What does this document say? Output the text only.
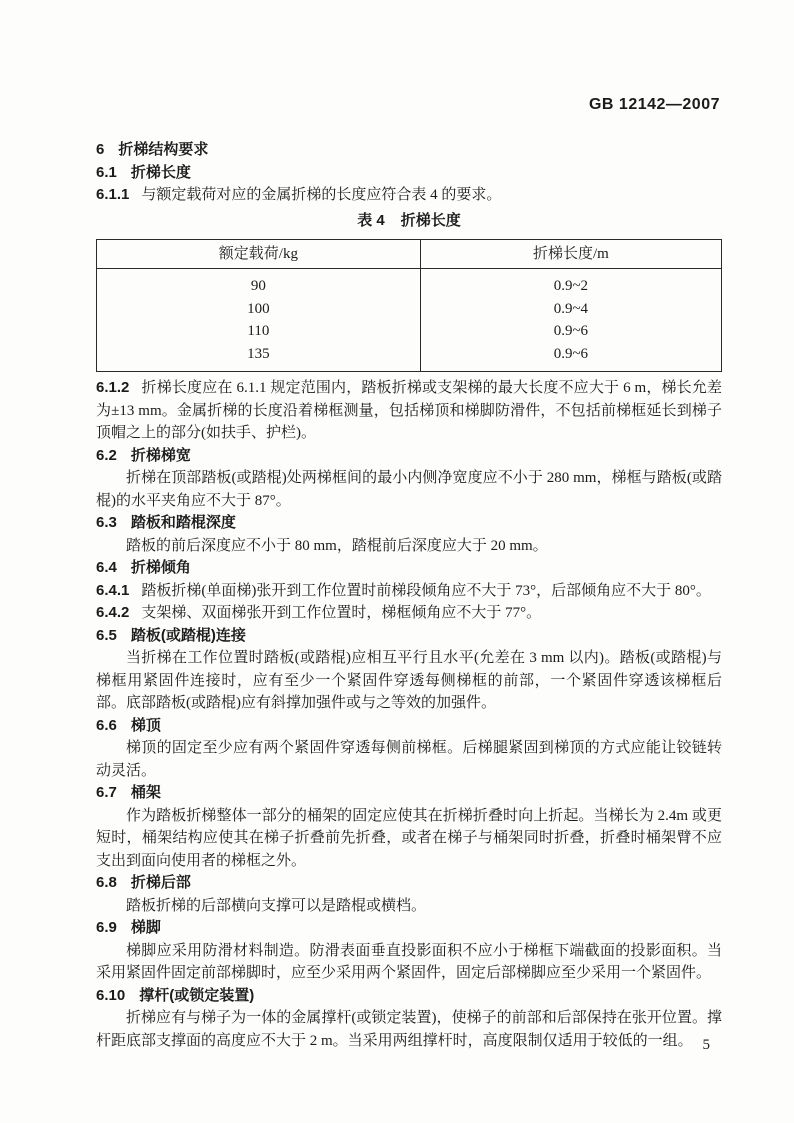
GB 12142—2007

6 折梯结构要求

6.1 折梯长度

6.1.1 与额定载荷对应的金属折梯的长度应符合表 4 的要求。

表 4 折梯长度

额定载荷/kg	折梯长度/m
90	0.9~2
100	0.9~4
110	0.9~6
135	0.9~6

6.1.2 折梯长度应在 6.1.1 规定范围内，踏板折梯或支架梯的最大长度不应大于 6 m，梯长允差为±13 mm。金属折梯的长度沿着梯框测量，包括梯顶和梯脚防滑件，不包括前梯框延长到梯子顶帽之上的部分(如扶手、护栏)。

6.2 折梯梯宽

折梯在顶部踏板(或踏棍)处两梯框间的最小内侧净宽度应不小于 280 mm，梯框与踏板(或踏棍)的水平夹角应不大于 87°。

6.3 踏板和踏棍深度

踏板的前后深度应不小于 80 mm，踏棍前后深度应大于 20 mm。

6.4 折梯倾角

6.4.1 踏板折梯(单面梯)张开到工作位置时前梯段倾角应不大于 73°，后部倾角应不大于 80°。

6.4.2 支架梯、双面梯张开到工作位置时，梯框倾角应不大于 77°。

6.5 踏板(或踏棍)连接

当折梯在工作位置时踏板(或踏棍)应相互平行且水平(允差在 3 mm 以内)。踏板(或踏棍)与梯框用紧固件连接时，应有至少一个紧固件穿透每侧梯框的前部，一个紧固件穿透该梯框后部。底部踏板(或踏棍)应有斜撑加强件或与之等效的加强件。

6.6 梯顶

梯顶的固定至少应有两个紧固件穿透每侧前梯框。后梯腿紧固到梯顶的方式应能让铰链转动灵活。

6.7 桶架

作为踏板折梯整体一部分的桶架的固定应使其在折梯折叠时向上折起。当梯长为 2.4m 或更短时，桶架结构应使其在梯子折叠前先折叠，或者在梯子与桶架同时折叠，折叠时桶架臂不应支出到面向使用者的梯框之外。

6.8 折梯后部

踏板折梯的后部横向支撑可以是踏棍或横档。

6.9 梯脚

梯脚应采用防滑材料制造。防滑表面垂直投影面积不应小于梯框下端截面的投影面积。当采用紧固件固定前部梯脚时，应至少采用两个紧固件，固定后部梯脚应至少采用一个紧固件。

6.10 撑杆(或锁定装置)

折梯应有与梯子为一体的金属撑杆(或锁定装置)，使梯子的前部和后部保持在张开位置。撑杆距底部支撑面的高度应不大于 2 m。当采用两组撑杆时，高度限制仅适用于较低的一组。 5
